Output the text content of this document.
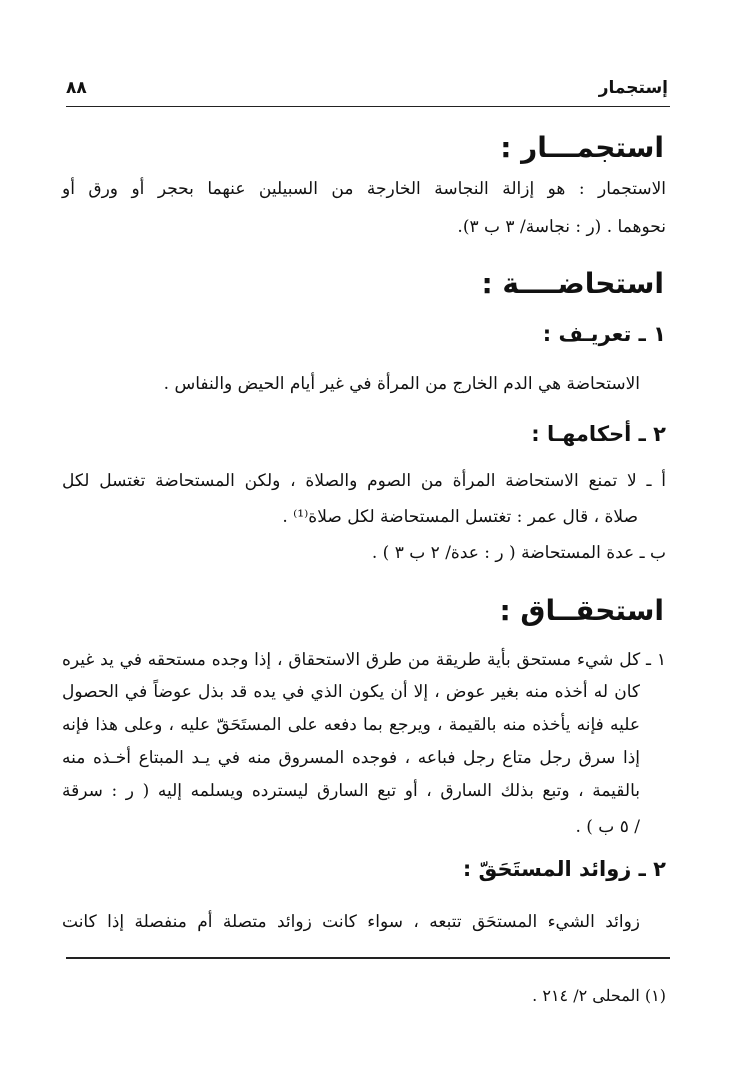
إستجمار
٨٨
استجمـــار :
الاستجمار : هو إزالة النجاسة الخارجة من السبيلين عنهما بحجر أو ورق أو
نحوهما . (ر : نجاسة/ ٣ ب ٣).
استحاضــــة :
١ ـ تعريـف :
الاستحاضة هي الدم الخارج من المرأة في غير أيام الحيض والنفاس .
٢ ـ أحكامهـا :
أ ـ لا تمنع الاستحاضة المرأة من الصوم والصلاة ، ولكن المستحاضة تغتسل لكل
صلاة ، قال عمر : تغتسل المستحاضة لكل صلاة⁽¹⁾ .
ب ـ عدة المستحاضة ( ر : عدة/ ٢ ب ٣ ) .
استحقــاق :
١ ـ كل شيء مستحق بأية طريقة من طرق الاستحقاق ، إذا وجده مستحقه في يد غيره
كان له أخذه منه بغير عوض ، إلا أن يكون الذي في يده قد بذل عوضاً في الحصول
عليه فإنه يأخذه منه بالقيمة ، ويرجع بما دفعه على المستَحَقّ عليه ، وعلى هذا فإنه
إذا سرق رجل متاع رجل فباعه ، فوجده المسروق منه في يـد المبتاع أخـذه منه
بالقيمة ، وتبع بذلك السارق ، أو تبع السارق ليسترده ويسلمه إليه ( ر : سرقة
/ ٥ ب ) .
٢ ـ زوائد المستَحَقّ :
زوائد الشيء المستحَق تتبعه ، سواء كانت زوائد متصلة أم منفصلة إذا كانت
(١) المحلى ٢/ ٢١٤ .
